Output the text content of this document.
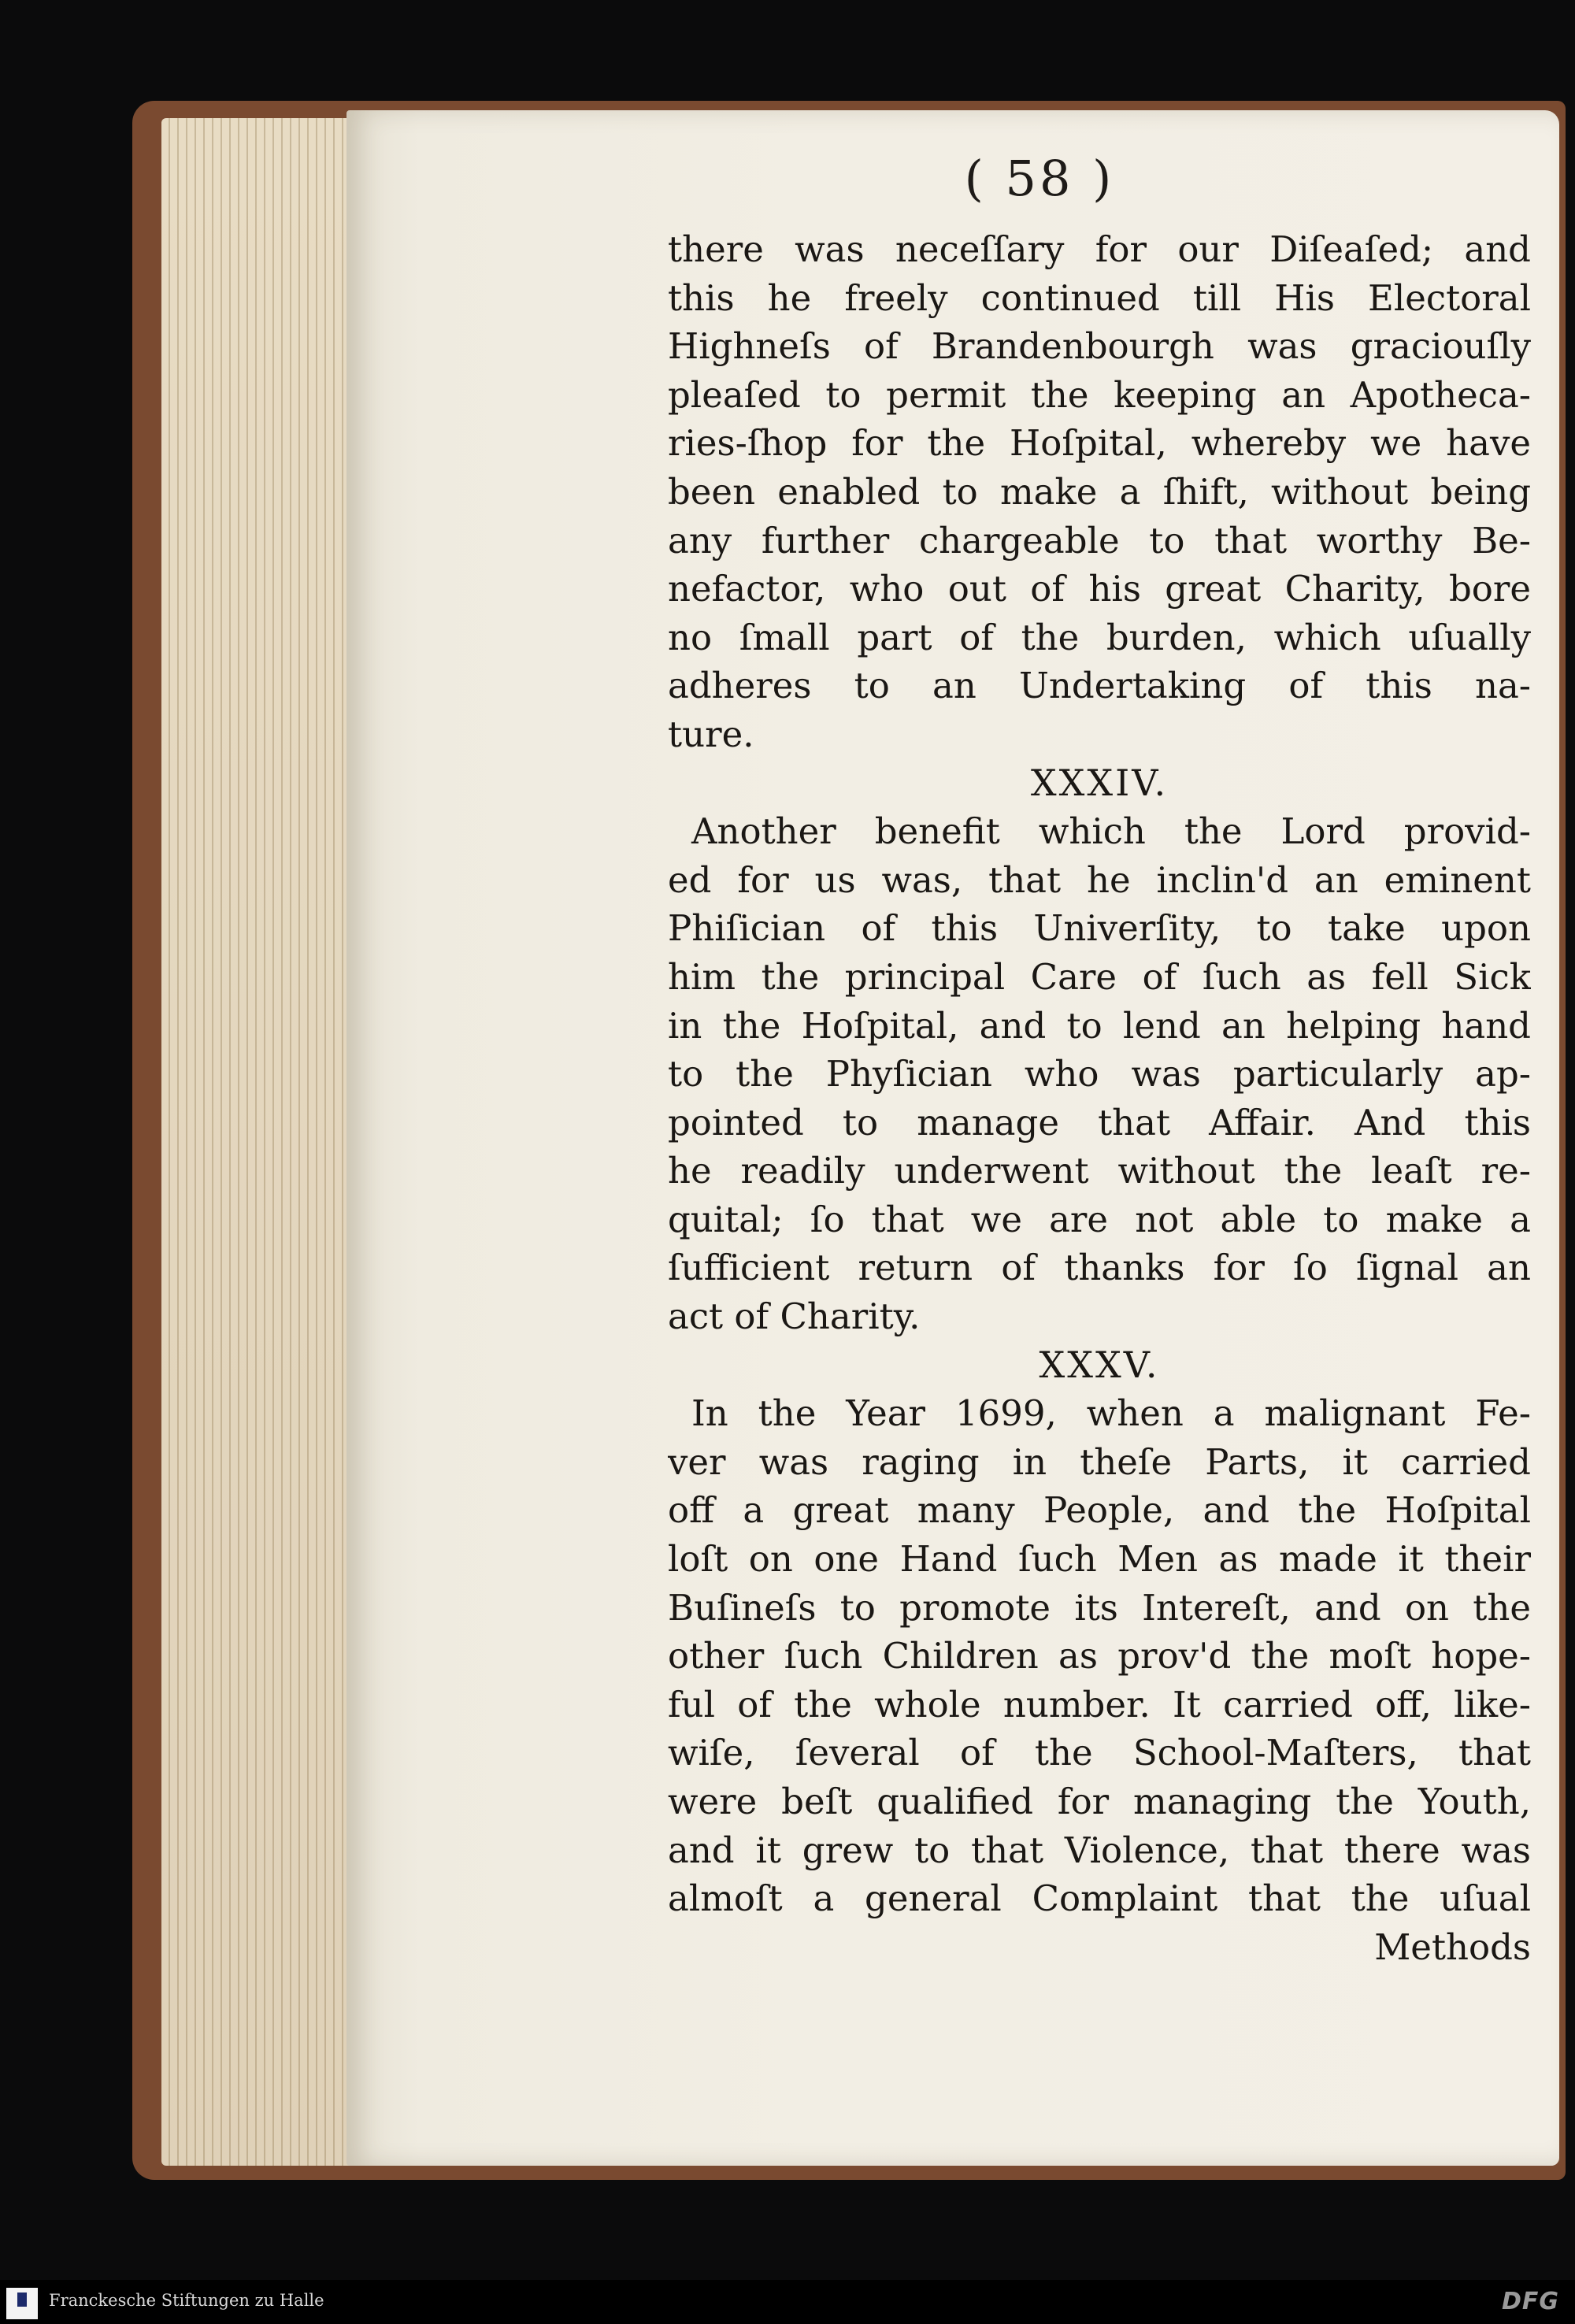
( 58 )
there was neceſſary for our Diſeaſed; and
this he freely continued till His Electoral
Highneſs of Brandenbourgh was graciouſly
pleaſed to permit the keeping an Apotheca-
ries-ſhop for the Hoſpital, whereby we have
been enabled to make a ſhift, without being
any further chargeable to that worthy Be-
nefactor, who out of his great Charity, bore
no ſmall part of the burden, which uſually
adheres to an Undertaking of this na-
ture.
XXXIV.
Another benefit which the Lord provid-
ed for us was, that he inclin'd an eminent
Phiſician of this Univerſity, to take upon
him the principal Care of ſuch as fell Sick
in the Hoſpital, and to lend an helping hand
to the Phyſician who was particularly ap-
pointed to manage that Affair. And this
he readily underwent without the leaſt re-
quital; ſo that we are not able to make a
ſufficient return of thanks for ſo ſignal an
act of Charity.
XXXV.
In the Year 1699, when a malignant Fe-
ver was raging in theſe Parts, it carried
off a great many People, and the Hoſpital
loſt on one Hand ſuch Men as made it their
Buſineſs to promote its Intereſt, and on the
other ſuch Children as prov'd the moſt hope-
ful of the whole number. It carried off, like-
wiſe, ſeveral of the School-Maſters, that
were beſt qualified for managing the Youth,
and it grew to that Violence, that there was
almoſt a general Complaint that the uſual
Methods
Franckesche Stiftungen zu Halle	DFG
